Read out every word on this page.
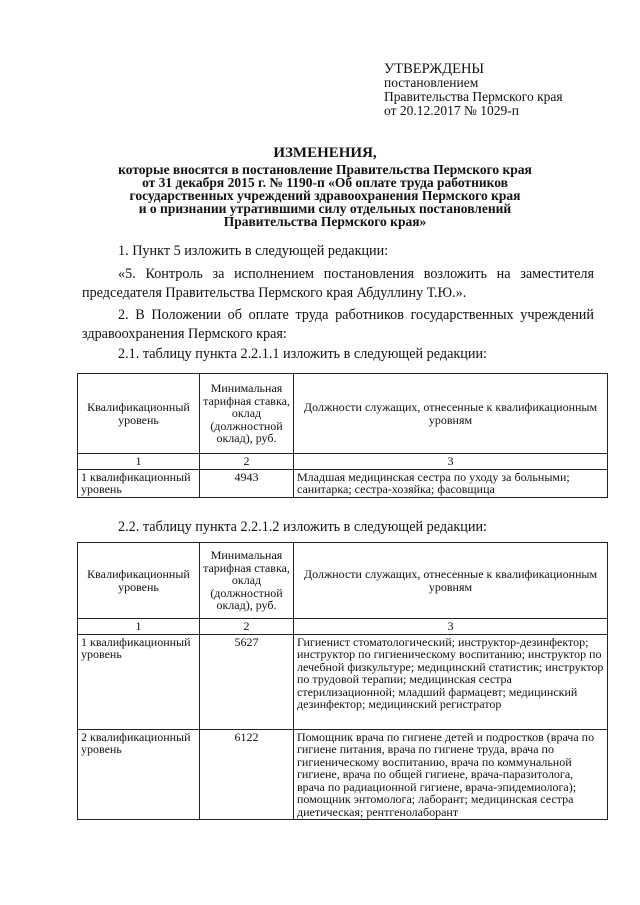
УТВЕРЖДЕНЫ
постановлением
Правительства Пермского края
от 20.12.2017 № 1029-п
ИЗМЕНЕНИЯ,
которые вносятся в постановление Правительства Пермского края
от 31 декабря 2015 г. № 1190-п «Об оплате труда работников
государственных учреждений здравоохранения Пермского края
и о признании утратившими силу отдельных постановлений
Правительства Пермского края»
1. Пункт 5 изложить в следующей редакции:
«5. Контроль за исполнением постановления возложить на заместителя председателя Правительства Пермского края Абдуллину Т.Ю.».
2. В Положении об оплате труда работников государственных учреждений здравоохранения Пермского края:
2.1. таблицу пункта 2.2.1.1 изложить в следующей редакции:
Квалификационный уровень	Минимальная тарифная ставка, оклад (должностной оклад), руб.	Должности служащих, отнесенные к квалификационным уровням
1	2	3
1 квалификационный уровень	4943	Младшая медицинская сестра по уходу за больными; санитарка; сестра-хозяйка; фасовщица
2.2. таблицу пункта 2.2.1.2 изложить в следующей редакции:
Квалификационный уровень	Минимальная тарифная ставка, оклад (должностной оклад), руб.	Должности служащих, отнесенные к квалификационным уровням
1	2	3
1 квалификационный уровень	5627	Гигиенист стоматологический; инструктор-дезинфектор; инструктор по гигиеническому воспитанию; инструктор по лечебной физкультуре; медицинский статистик; инструктор по трудовой терапии; медицинская сестра стерилизационной; младший фармацевт; медицинский дезинфектор; медицинский регистратор
2 квалификационный уровень	6122	Помощник врача по гигиене детей и подростков (врача по гигиене питания, врача по гигиене труда, врача по гигиеническому воспитанию, врача по коммунальной гигиене, врача по общей гигиене, врача-паразитолога, врача по радиационной гигиене, врача-эпидемиолога); помощник энтомолога; лаборант; медицинская сестра диетическая; рентгенолаборант
